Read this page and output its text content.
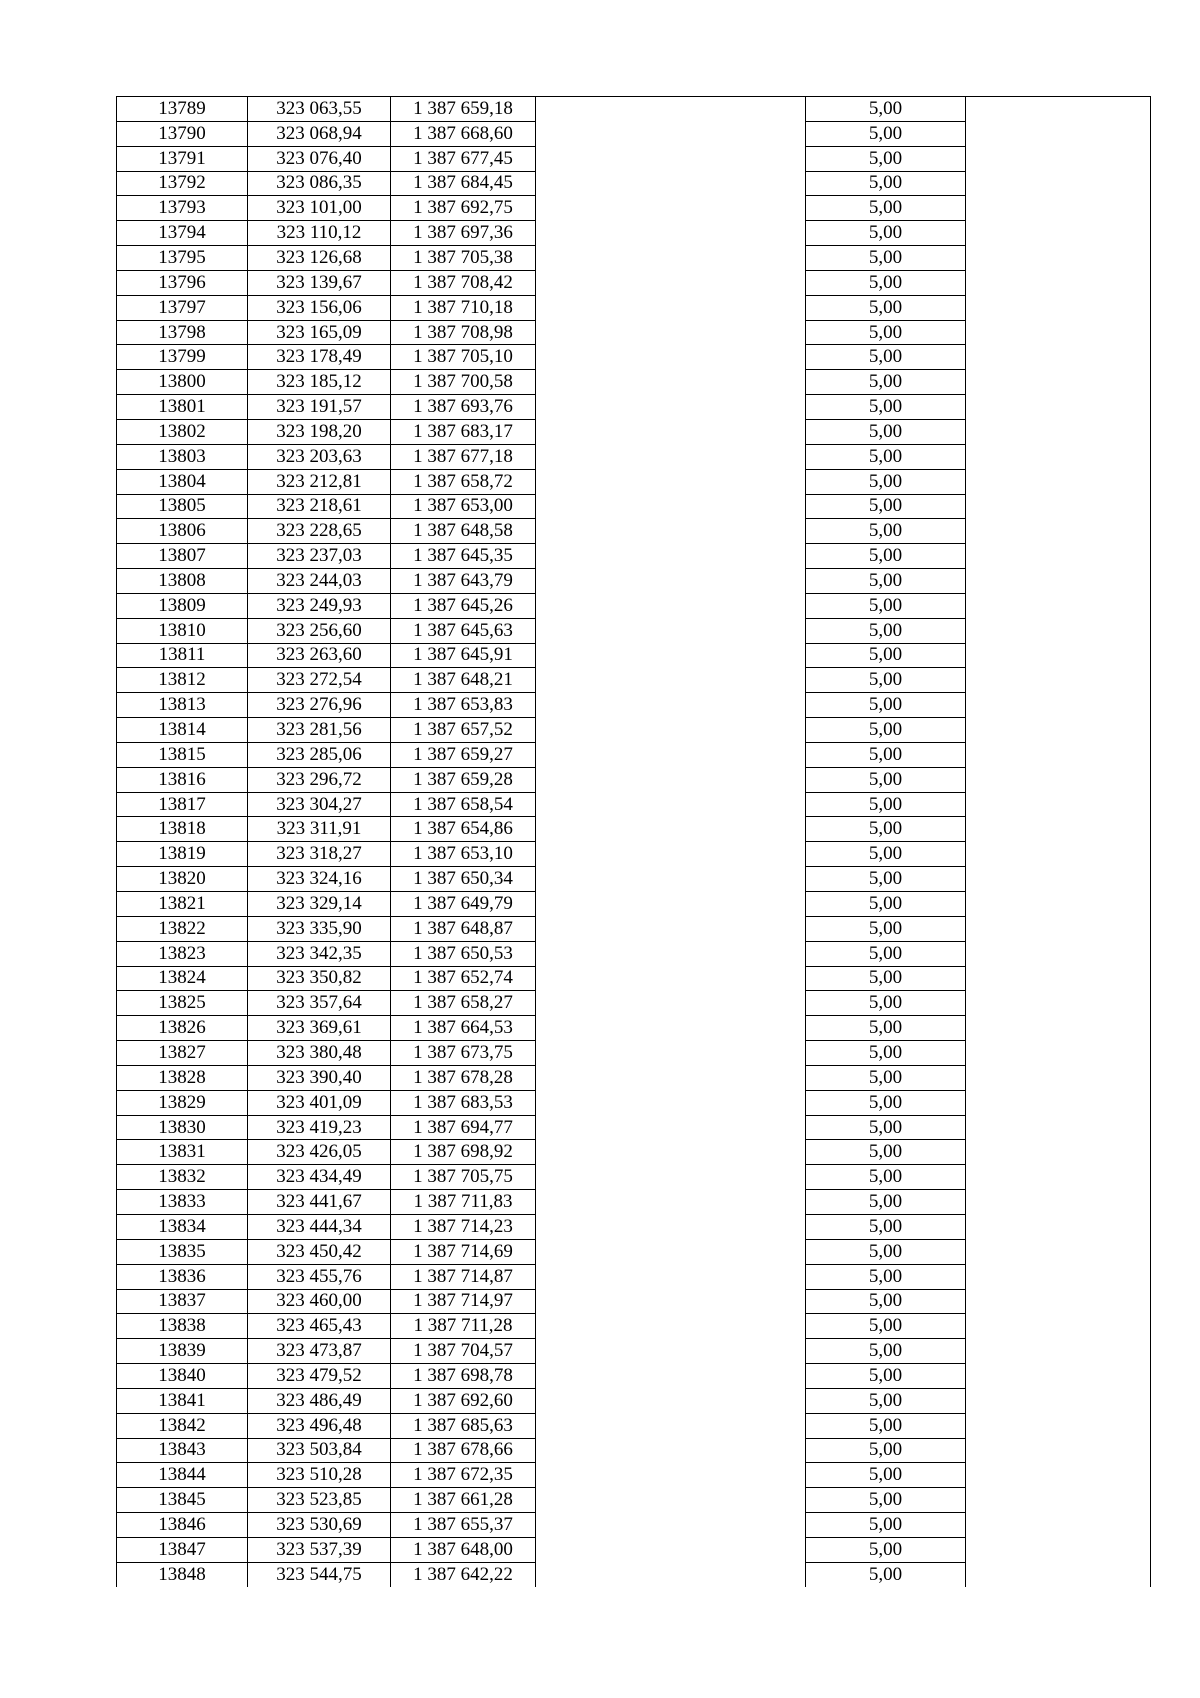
13789	323 063,55	1 387 659,18		5,00	
13790	323 068,94	1 387 668,60		5,00	
13791	323 076,40	1 387 677,45		5,00	
13792	323 086,35	1 387 684,45		5,00	
13793	323 101,00	1 387 692,75		5,00	
13794	323 110,12	1 387 697,36		5,00	
13795	323 126,68	1 387 705,38		5,00	
13796	323 139,67	1 387 708,42		5,00	
13797	323 156,06	1 387 710,18		5,00	
13798	323 165,09	1 387 708,98		5,00	
13799	323 178,49	1 387 705,10		5,00	
13800	323 185,12	1 387 700,58		5,00	
13801	323 191,57	1 387 693,76		5,00	
13802	323 198,20	1 387 683,17		5,00	
13803	323 203,63	1 387 677,18		5,00	
13804	323 212,81	1 387 658,72		5,00	
13805	323 218,61	1 387 653,00		5,00	
13806	323 228,65	1 387 648,58		5,00	
13807	323 237,03	1 387 645,35		5,00	
13808	323 244,03	1 387 643,79		5,00	
13809	323 249,93	1 387 645,26		5,00	
13810	323 256,60	1 387 645,63		5,00	
13811	323 263,60	1 387 645,91		5,00	
13812	323 272,54	1 387 648,21		5,00	
13813	323 276,96	1 387 653,83		5,00	
13814	323 281,56	1 387 657,52		5,00	
13815	323 285,06	1 387 659,27		5,00	
13816	323 296,72	1 387 659,28		5,00	
13817	323 304,27	1 387 658,54		5,00	
13818	323 311,91	1 387 654,86		5,00	
13819	323 318,27	1 387 653,10		5,00	
13820	323 324,16	1 387 650,34		5,00	
13821	323 329,14	1 387 649,79		5,00	
13822	323 335,90	1 387 648,87		5,00	
13823	323 342,35	1 387 650,53		5,00	
13824	323 350,82	1 387 652,74		5,00	
13825	323 357,64	1 387 658,27		5,00	
13826	323 369,61	1 387 664,53		5,00	
13827	323 380,48	1 387 673,75		5,00	
13828	323 390,40	1 387 678,28		5,00	
13829	323 401,09	1 387 683,53		5,00	
13830	323 419,23	1 387 694,77		5,00	
13831	323 426,05	1 387 698,92		5,00	
13832	323 434,49	1 387 705,75		5,00	
13833	323 441,67	1 387 711,83		5,00	
13834	323 444,34	1 387 714,23		5,00	
13835	323 450,42	1 387 714,69		5,00	
13836	323 455,76	1 387 714,87		5,00	
13837	323 460,00	1 387 714,97		5,00	
13838	323 465,43	1 387 711,28		5,00	
13839	323 473,87	1 387 704,57		5,00	
13840	323 479,52	1 387 698,78		5,00	
13841	323 486,49	1 387 692,60		5,00	
13842	323 496,48	1 387 685,63		5,00	
13843	323 503,84	1 387 678,66		5,00	
13844	323 510,28	1 387 672,35		5,00	
13845	323 523,85	1 387 661,28		5,00	
13846	323 530,69	1 387 655,37		5,00	
13847	323 537,39	1 387 648,00		5,00	
13848	323 544,75	1 387 642,22		5,00	
